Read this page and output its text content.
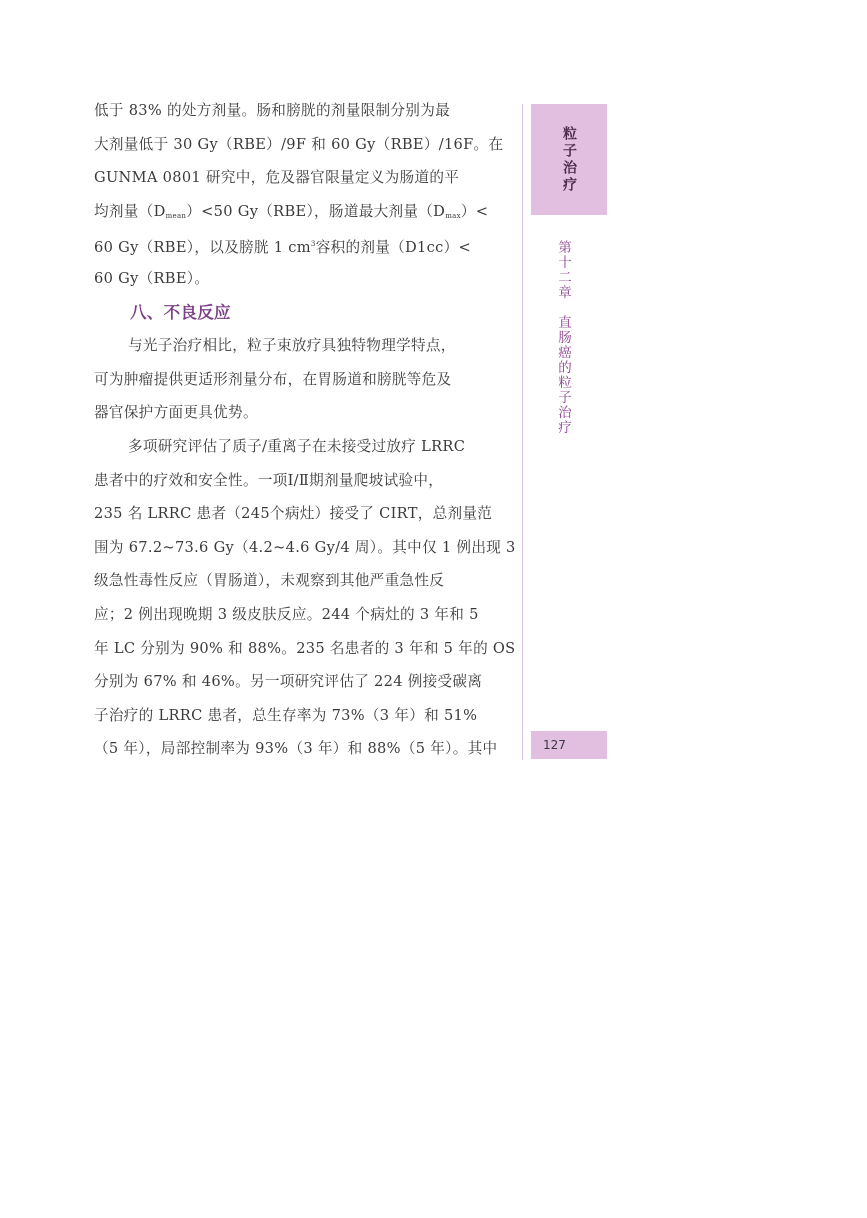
低于 83% 的处方剂量。肠和膀胱的剂量限制分别为最
大剂量低于 30 Gy（RBE）/9F 和 60 Gy（RBE）/16F。在
GUNMA 0801 研究中，危及器官限量定义为肠道的平
均剂量$(D_{mean})<50$ Gy（RBE），肠道最大剂量$(D_{max})<$
60 Gy（RBE），以及膀胱 1 $cm^3$容积的剂量（D1cc）<
60 Gy（RBE）。
八、不良反应
与光子治疗相比，粒子束放疗具独特物理学特点，
可为肿瘤提供更适形剂量分布，在胃肠道和膀胱等危及
器官保护方面更具优势。
多项研究评估了质子/重离子在未接受过放疗 LRRC
患者中的疗效和安全性。一项Ⅰ/Ⅱ期剂量爬坡试验中，
235 名 LRRC 患者（245个病灶）接受了 CIRT，总剂量范
围为 67.2~73.6 Gy（4.2~4.6 Gy/4 周）。其中仅 1 例出现 3
级急性毒性反应（胃肠道），未观察到其他严重急性反
应；2 例出现晚期 3 级皮肤反应。244 个病灶的 3 年和 5
年 LC 分别为 90% 和 88%。235 名患者的 3 年和 5 年的 OS
分别为 67% 和 46%。另一项研究评估了 224 例接受碳离
子治疗的 LRRC 患者，总生存率为 73%（3 年）和 51%
（5 年），局部控制率为 93%（3 年）和 88%（5 年）。其中
粒子治疗
第十二章　直肠癌的粒子治疗
127
